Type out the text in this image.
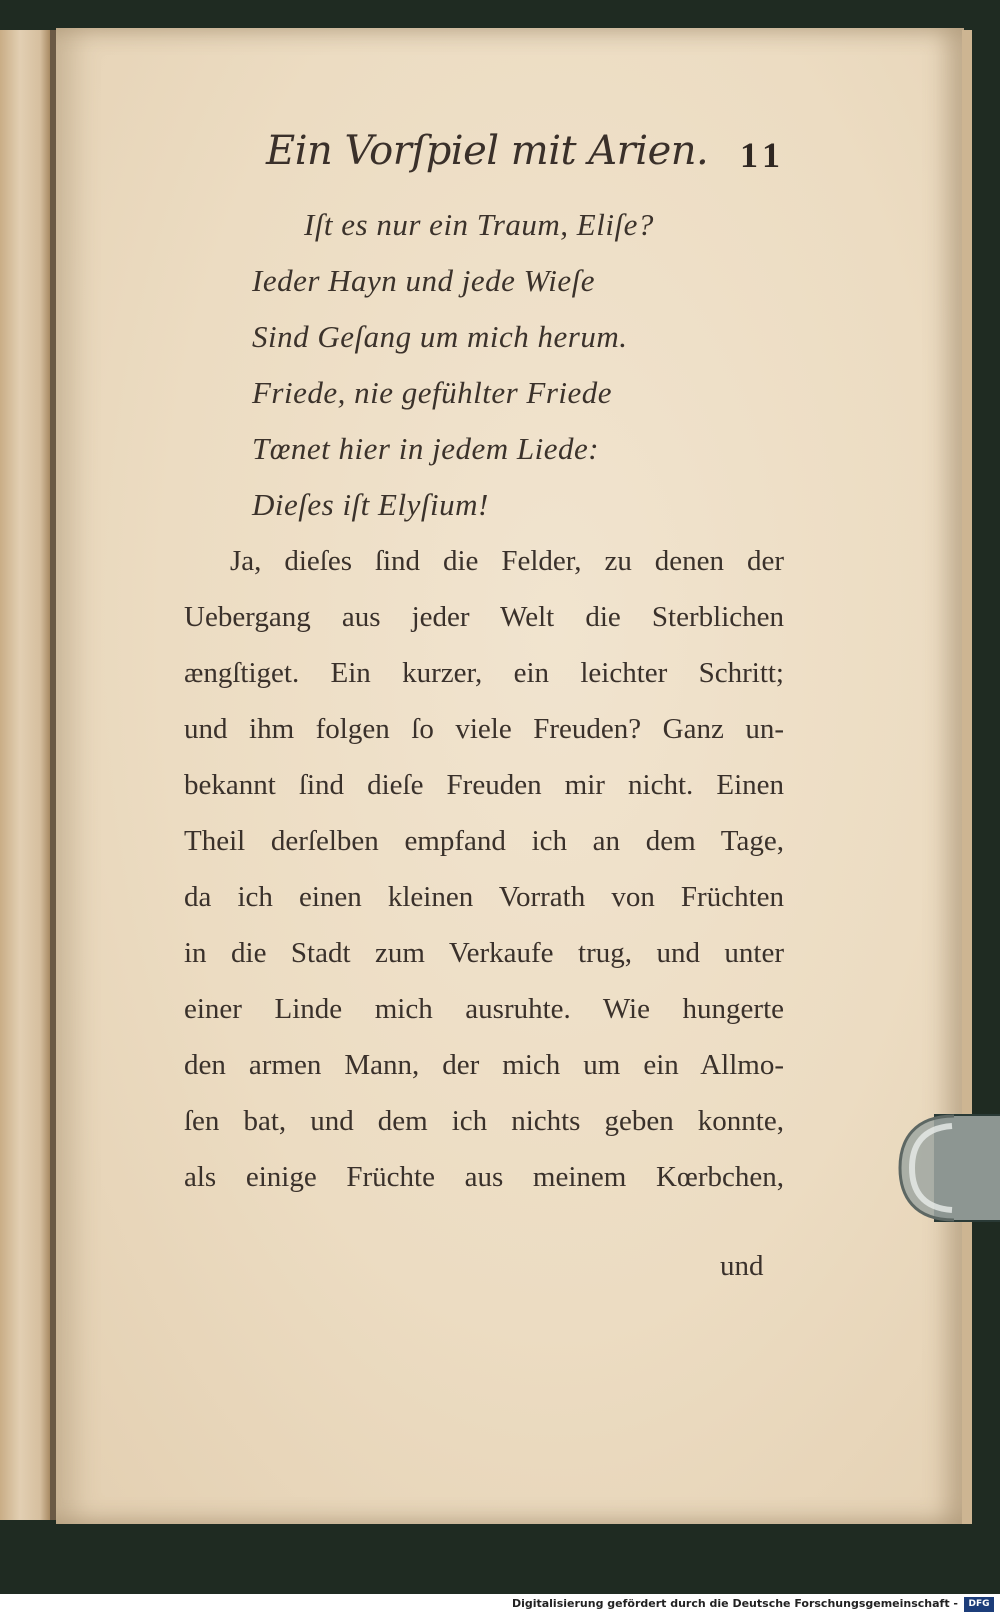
Ein Vorſpiel mit Arien. 11
Iſt es nur ein Traum, Eliſe?
Ieder Hayn und jede Wieſe
Sind Geſang um mich herum.
Friede, nie gefühlter Friede
Tœnet hier in jedem Liede:
Dieſes iſt Elyſium!
Ja, dieſes ſind die Felder, zu denen der
Uebergang aus jeder Welt die Sterblichen
ængſtiget. Ein kurzer, ein leichter Schritt;
und ihm folgen ſo viele Freuden? Ganz un-
bekannt ſind dieſe Freuden mir nicht. Einen
Theil derſelben empfand ich an dem Tage,
da ich einen kleinen Vorrath von Früchten
in die Stadt zum Verkaufe trug, und unter
einer Linde mich ausruhte. Wie hungerte
den armen Mann, der mich um ein Allmo-
ſen bat, und dem ich nichts geben konnte,
als einige Früchte aus meinem Kœrbchen,
und
Digitalisierung gefördert durch die Deutsche Forschungsgemeinschaft -	DFG
